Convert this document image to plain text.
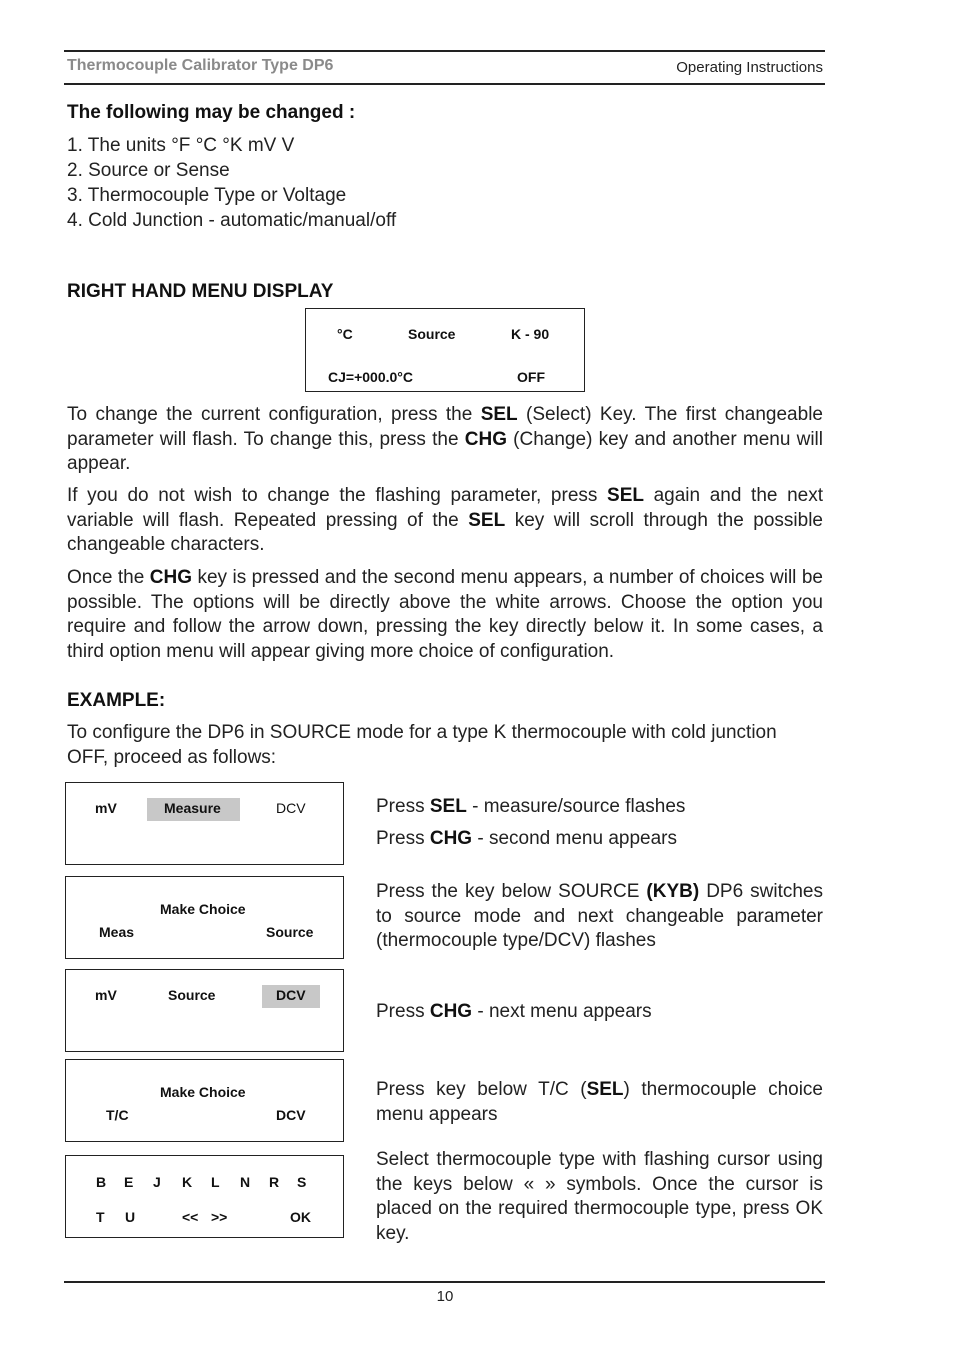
Thermocouple Calibrator Type DP6	Operating Instructions
The following may be changed :
1. The units °F °C °K mV V
2. Source or Sense
3. Thermocouple Type or Voltage
4. Cold Junction - automatic/manual/off
RIGHT HAND MENU DISPLAY
°C	Source	K - 90
CJ=+000.0°C	OFF

To change the current configuration, press the SEL (Select) Key. The first changeable parameter will flash. To change this, press the CHG (Change) key and another menu will appear.

If you do not wish to change the flashing parameter, press SEL again and the next variable will flash. Repeated pressing of the SEL key will scroll through the possible changeable characters.

Once the CHG key is pressed and the second menu appears, a number of choices will be possible. The options will be directly above the white arrows. Choose the option you require and follow the arrow down, pressing the key directly below it. In some cases, a third option menu will appear giving more choice of configuration.

EXAMPLE:

To configure the DP6 in SOURCE mode for a type K thermocouple with cold junction OFF, proceed as follows:

mV	Measure	DCV
Make Choice
Meas	Source
mV	Source	DCV
Make Choice
T/C	DCV
B E J K L N R S
T U	<< >>	OK

Press SEL - measure/source flashes

Press CHG - second menu appears

Press the key below SOURCE (KYB) DP6 switches to source mode and next changeable parameter (thermocouple type/DCV) flashes

Press CHG - next menu appears

Press key below T/C (SEL) thermocouple choice menu appears

Select thermocouple type with flashing cursor using the keys below « » symbols. Once the cursor is placed on the required thermocouple type, press OK key.

10
